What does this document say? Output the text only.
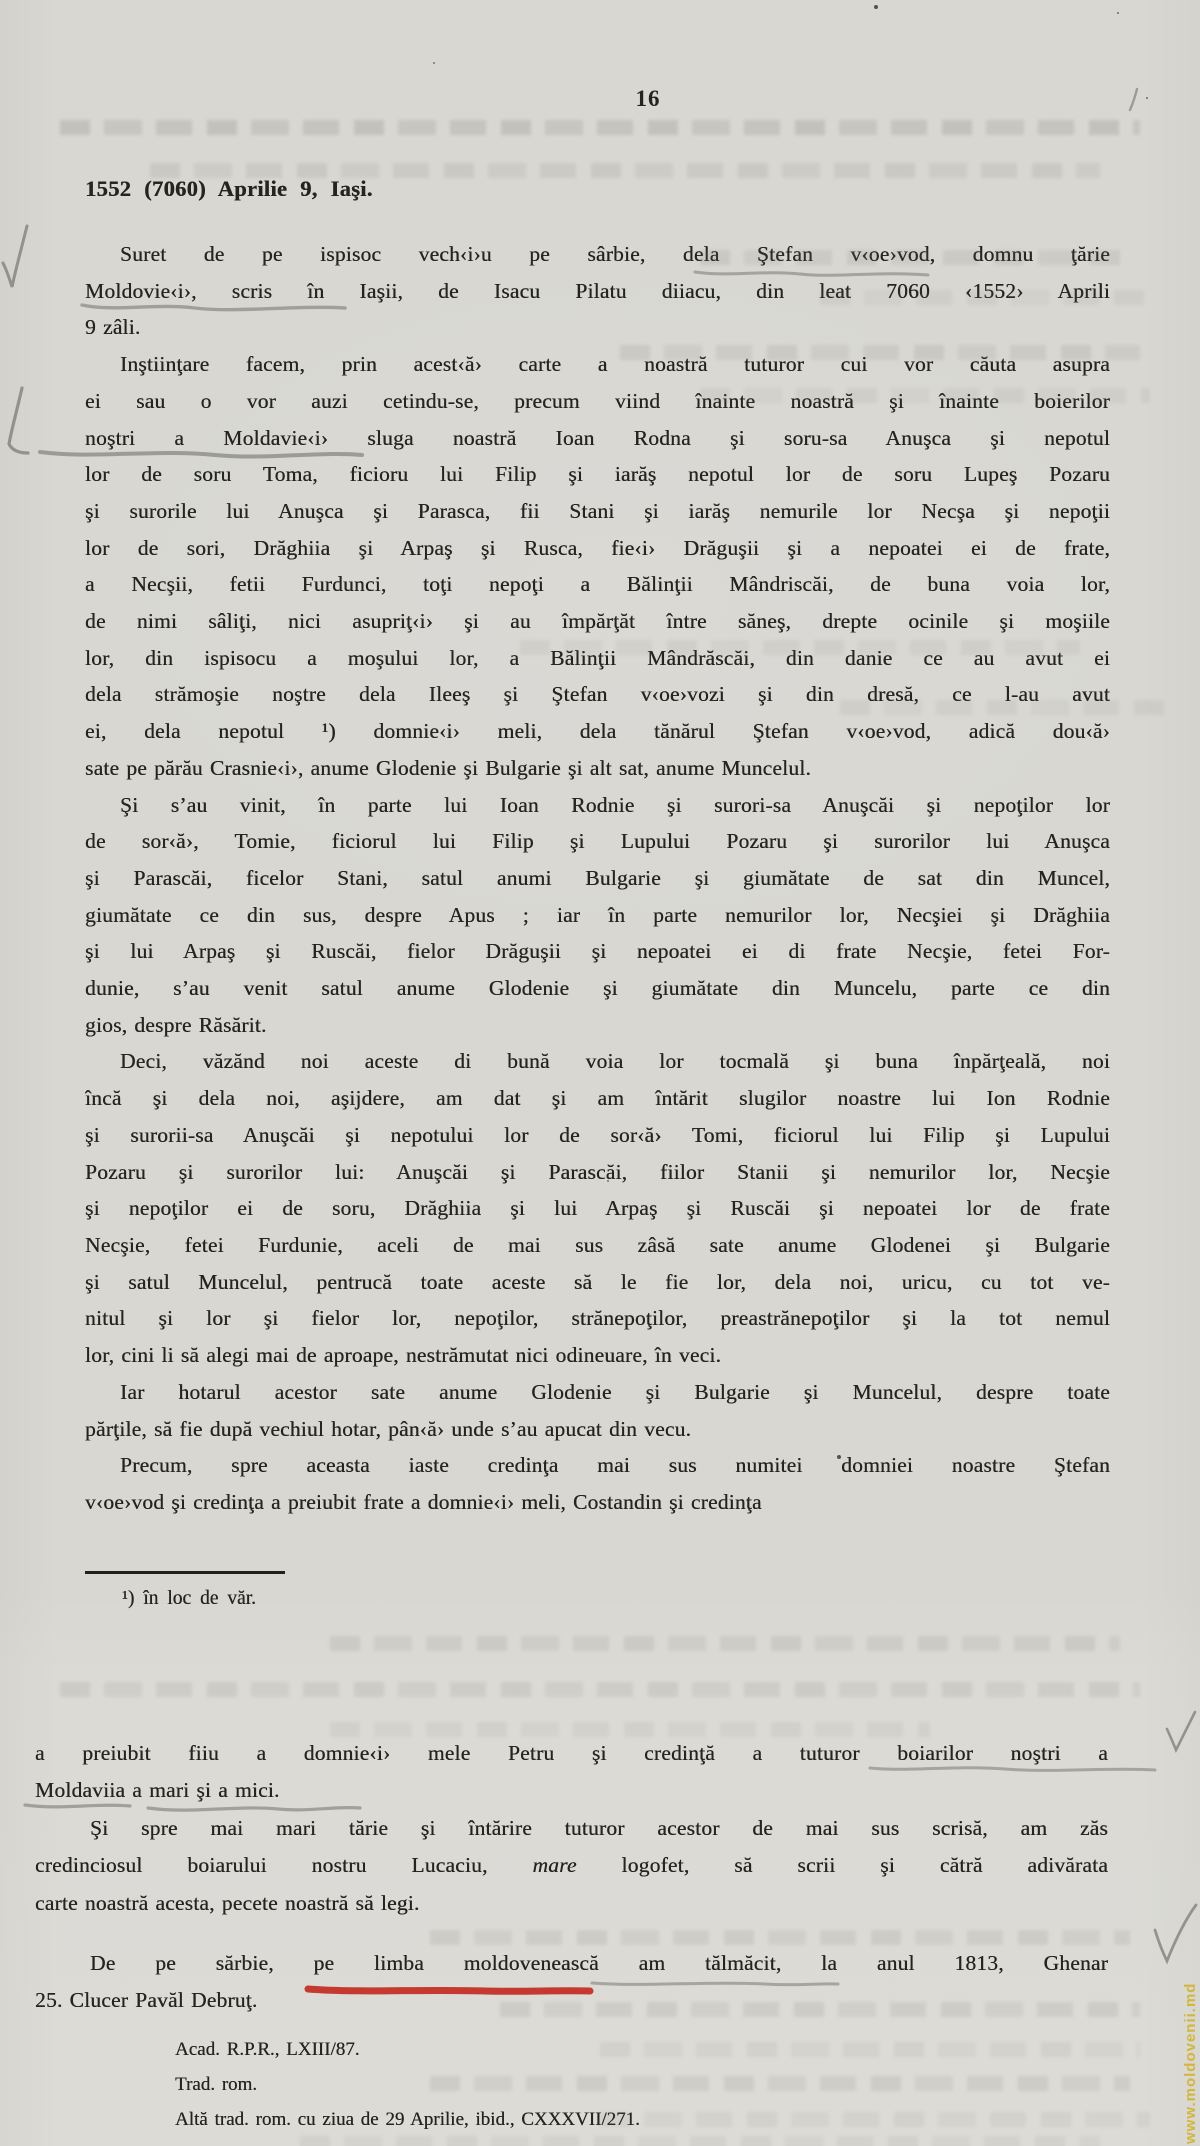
16
1552 (7060) Aprilie 9, Iaşi.
Suret de pe ispisoc vech‹i›u pe sârbie, dela Ştefan v‹oe›vod, domnu ţărie
Moldovie‹i›, scris în Iaşii, de Isacu Pilatu diiacu, din leat 7060 ‹1552› Aprili
9 zâli.
Inştiinţare facem, prin acest‹ă› carte a noastră tuturor cui vor căuta asupra
ei sau o vor auzi cetindu-se, precum viind înainte noastră şi înainte boierilor
noştri a Moldavie‹i› sluga noastră Ioan Rodna şi soru-sa Anuşca şi nepotul
lor de soru Toma, ficioru lui Filip şi iarăş nepotul lor de soru Lupeş Pozaru
şi surorile lui Anuşca şi Parasca, fii Stani şi iarăş nemurile lor Necşa şi nepoţii
lor de sori, Drăghiia şi Arpaş şi Rusca, fie‹i› Drăguşii şi a nepoatei ei de frate,
a Necşii, fetii Furdunci, toţi nepoţi a Bălinţii Mândriscăi, de buna voia lor,
de nimi sâliţi, nici asupriţ‹i› şi au împărţăt între săneş, drepte ocinile şi moşiile
lor, din ispisocu a moşului lor, a Bălinţii Mândrăscăi, din danie ce au avut ei
dela strămoşie noştre dela Ileeş şi Ştefan v‹oe›vozi şi din dresă, ce l-au avut
ei, dela nepotul ¹) domnie‹i› meli, dela tănărul Ştefan v‹oe›vod, adică dou‹ă›
sate pe părău Crasnie‹i›, anume Glodenie şi Bulgarie şi alt sat, anume Muncelul.
Şi s’au vinit, în parte lui Ioan Rodnie şi surori-sa Anuşcăi şi nepoţilor lor
de sor‹ă›, Tomie, ficiorul lui Filip şi Lupului Pozaru şi surorilor lui Anuşca
şi Parascăi, ficelor Stani, satul anumi Bulgarie şi giumătate de sat din Muncel,
giumătate ce din sus, despre Apus ; iar în parte nemurilor lor, Necşiei şi Drăghiia
şi lui Arpaş şi Ruscăi, fielor Drăguşii şi nepoatei ei di frate Necşie, fetei For-
dunie, s’au venit satul anume Glodenie şi giumătate din Muncelu, parte ce din
gios, despre Răsărit.
Deci, văzănd noi aceste di bună voia lor tocmală şi buna înpărţeală, noi
încă şi dela noi, aşijdere, am dat şi am întărit slugilor noastre lui Ion Rodnie
şi surorii-sa Anuşcăi şi nepotului lor de sor‹ă› Tomi, ficiorul lui Filip şi Lupului
Pozaru şi surorilor lui: Anuşcăi şi Parascăi, fiilor Stanii şi nemurilor lor, Necşie
şi nepoţilor ei de soru, Drăghiia şi lui Arpaş şi Ruscăi şi nepoatei lor de frate
Necşie, fetei Furdunie, aceli de mai sus zâsă sate anume Glodenei şi Bulgarie
şi satul Muncelul, pentrucă toate aceste să le fie lor, dela noi, uricu, cu tot ve-
nitul şi lor şi fielor lor, nepoţilor, strănepoţilor, preastrănepoţilor şi la tot nemul
lor, cini li să alegi mai de aproape, nestrămutat nici odineuare, în veci.
Iar hotarul acestor sate anume Glodenie şi Bulgarie şi Muncelul, despre toate
părţile, să fie după vechiul hotar, pân‹ă› unde s’au apucat din vecu.
Precum, spre aceasta iaste credinţa mai sus numitei domniei noastre Ştefan
v‹oe›vod şi credinţa a preiubit frate a domnie‹i› meli, Costandin şi credinţa
¹) în loc de văr.
a preiubit fiiu a domnie‹i› mele Petru şi credinţă a tuturor boiarilor noştri a
Moldaviia a mari şi a mici.
Şi spre mai mari tărie şi întărire tuturor acestor de mai sus scrisă, am zăs
credinciosul boiarului nostru Lucaciu, mare logofet, să scrii şi cătră adivărata
carte noastră acesta, pecete noastră să legi.
De pe sărbie, pe limba moldovenească am tălmăcit, la anul 1813, Ghenar
25. Clucer Pavăl Debruţ.
Acad. R.P.R., LXIII/87.
Trad. rom.
Altă trad. rom. cu ziua de 29 Aprilie, ibid., CXXXVII/271.	www.moldovenii.md
